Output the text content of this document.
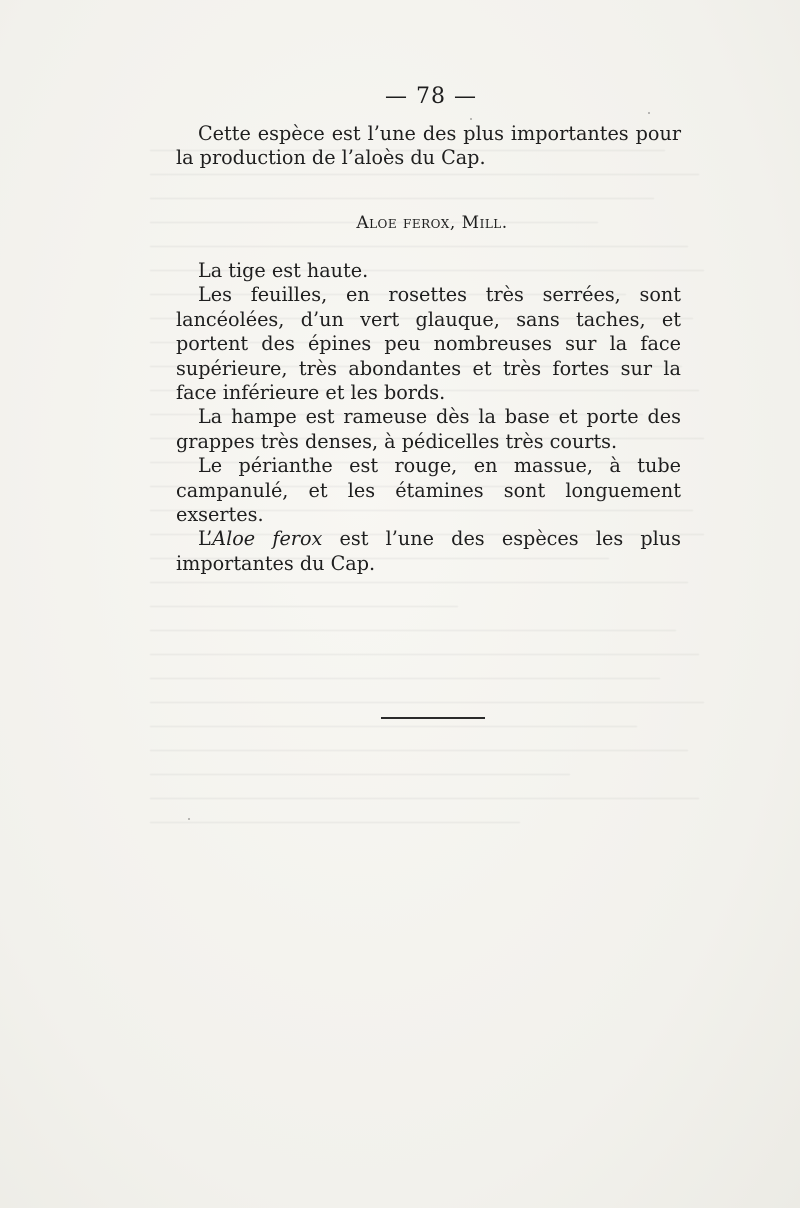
— 78 —

Cette espèce est l’une des plus importantes pour la production de l’aloès du Cap.

Aloe ferox, Mill.

La tige est haute.

Les feuilles, en rosettes très serrées, sont lancéolées, d’un vert glauque, sans taches, et portent des épines peu nombreuses sur la face supérieure, très abondantes et très fortes sur la face inférieure et les bords.

La hampe est rameuse dès la base et porte des grappes très denses, à pédicelles très courts.

Le périanthe est rouge, en massue, à tube campanulé, et les étamines sont longuement exsertes.

L’Aloe ferox est l’une des espèces les plus importantes du Cap.
